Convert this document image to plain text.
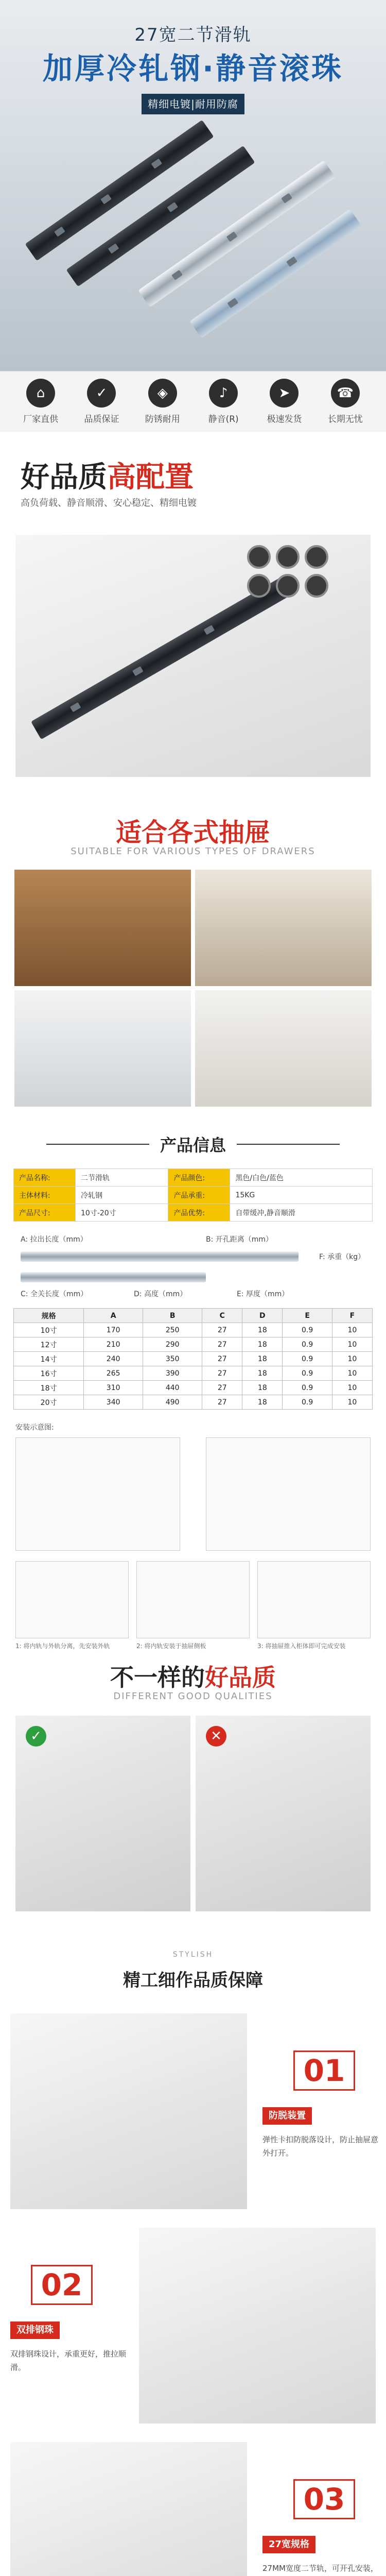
27宽二节滑轨
加厚冷轧钢·静音滚珠
精细电镀|耐用防腐
⌂
厂家直供
✓
品质保证
◈
防锈耐用
♪
静音(R)
➤
极速发货
☎
长期无忧
好品质高配置
高负荷载、静音顺滑、安心稳定、精细电镀
适合各式抽屉
SUITABLE FOR VARIOUS TYPES OF DRAWERS
产品信息
产品名称:	二节滑轨	产品颜色:	黑色/白色/蓝色
主体材料:	冷轧钢	产品承重:	15KG
产品尺寸:	10寸-20寸	产品优势:	自带缓冲,静音顺滑
A: 拉出长度（mm）	B: 开孔距离（mm）
C: 全关长度（mm）	D: 高度（mm）	E: 厚度（mm）
F: 承重（kg）
规格	A	B	C	D	E	F
10寸	170	250	27	18	0.9	10
12寸	210	290	27	18	0.9	10
14寸	240	350	27	18	0.9	10
16寸	265	390	27	18	0.9	10
18寸	310	440	27	18	0.9	10
20寸	340	490	27	18	0.9	10
安装示意图:
1: 将内轨与外轨分离，先安装外轨	2: 将内轨安装于抽屉侧板	3: 将抽屉推入柜体即可完成安装
不一样的好品质
DIFFERENT GOOD QUALITIES
✓	✕
STYLISH
精工细作品质保障
01
防脱装置
弹性卡扣防脱落设计，防止抽屉意外打开。
02
双排钢珠
双排钢珠设计，承重更好，推拉顺滑。
03
27宽规格
27MM宽度二节轨，可开孔安装，
